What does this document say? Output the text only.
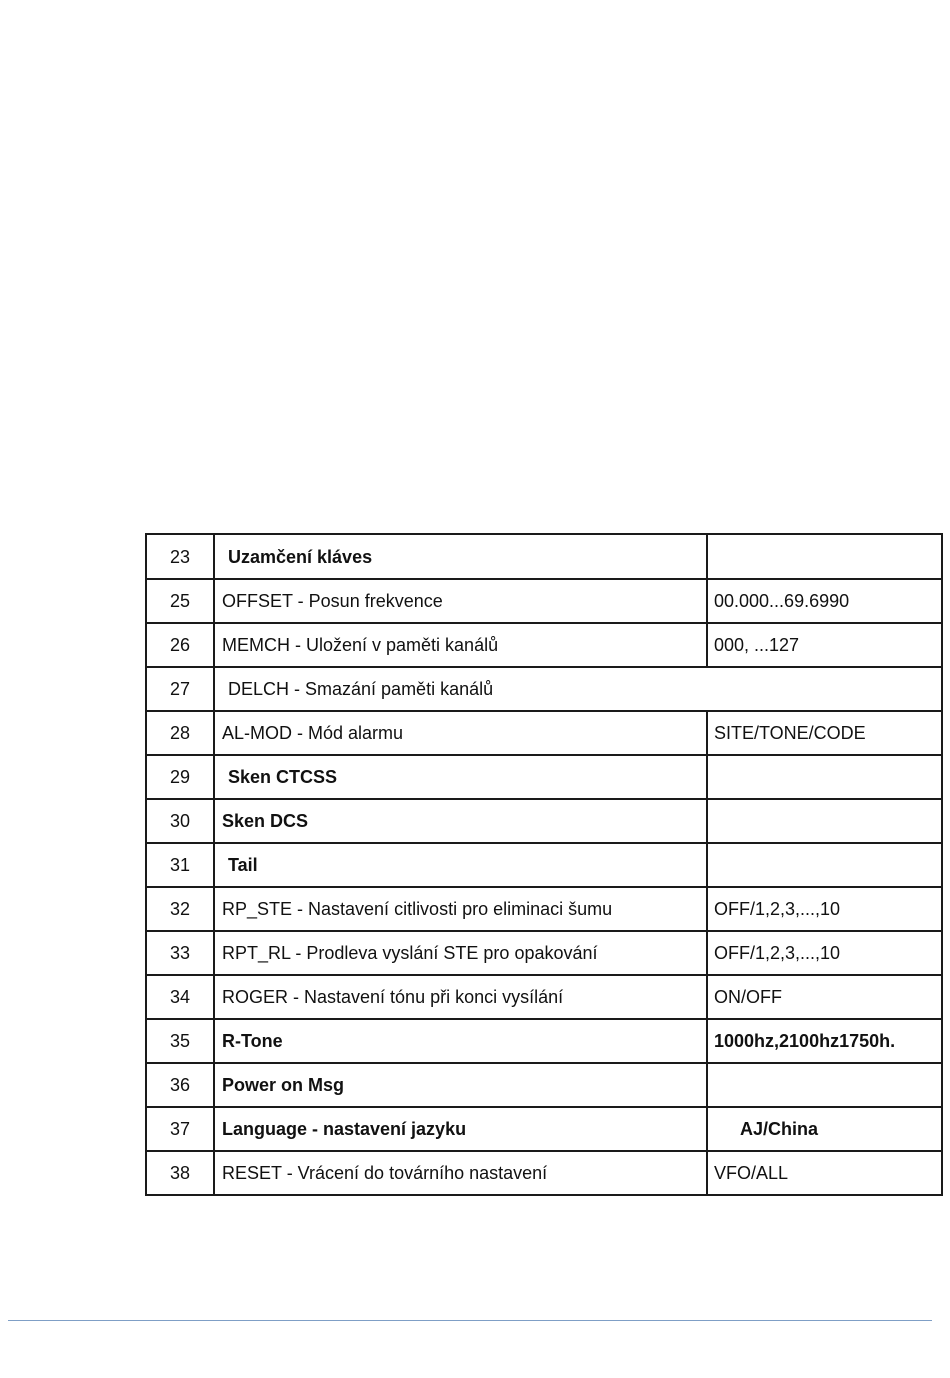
23	Uzamčení kláves	
25	OFFSET - Posun frekvence	00.000...69.6990
26	MEMCH - Uložení v paměti kanálů	000, ...127
27	DELCH - Smazání paměti kanálů	
28	AL-MOD - Mód alarmu	SITE/TONE/CODE
29	Sken CTCSS	
30	Sken DCS	
31	Tail	
32	RP_STE - Nastavení citlivosti pro eliminaci šumu	OFF/1,2,3,...,10
33	RPT_RL - Prodleva vyslání STE pro opakování	OFF/1,2,3,...,10
34	ROGER - Nastavení tónu při konci vysílání	ON/OFF
35	R-Tone	1000hz,2100hz1750h.
36	Power on Msg	
37	Language - nastavení jazyku	AJ/China
38	RESET - Vrácení do továrního nastavení	VFO/ALL
